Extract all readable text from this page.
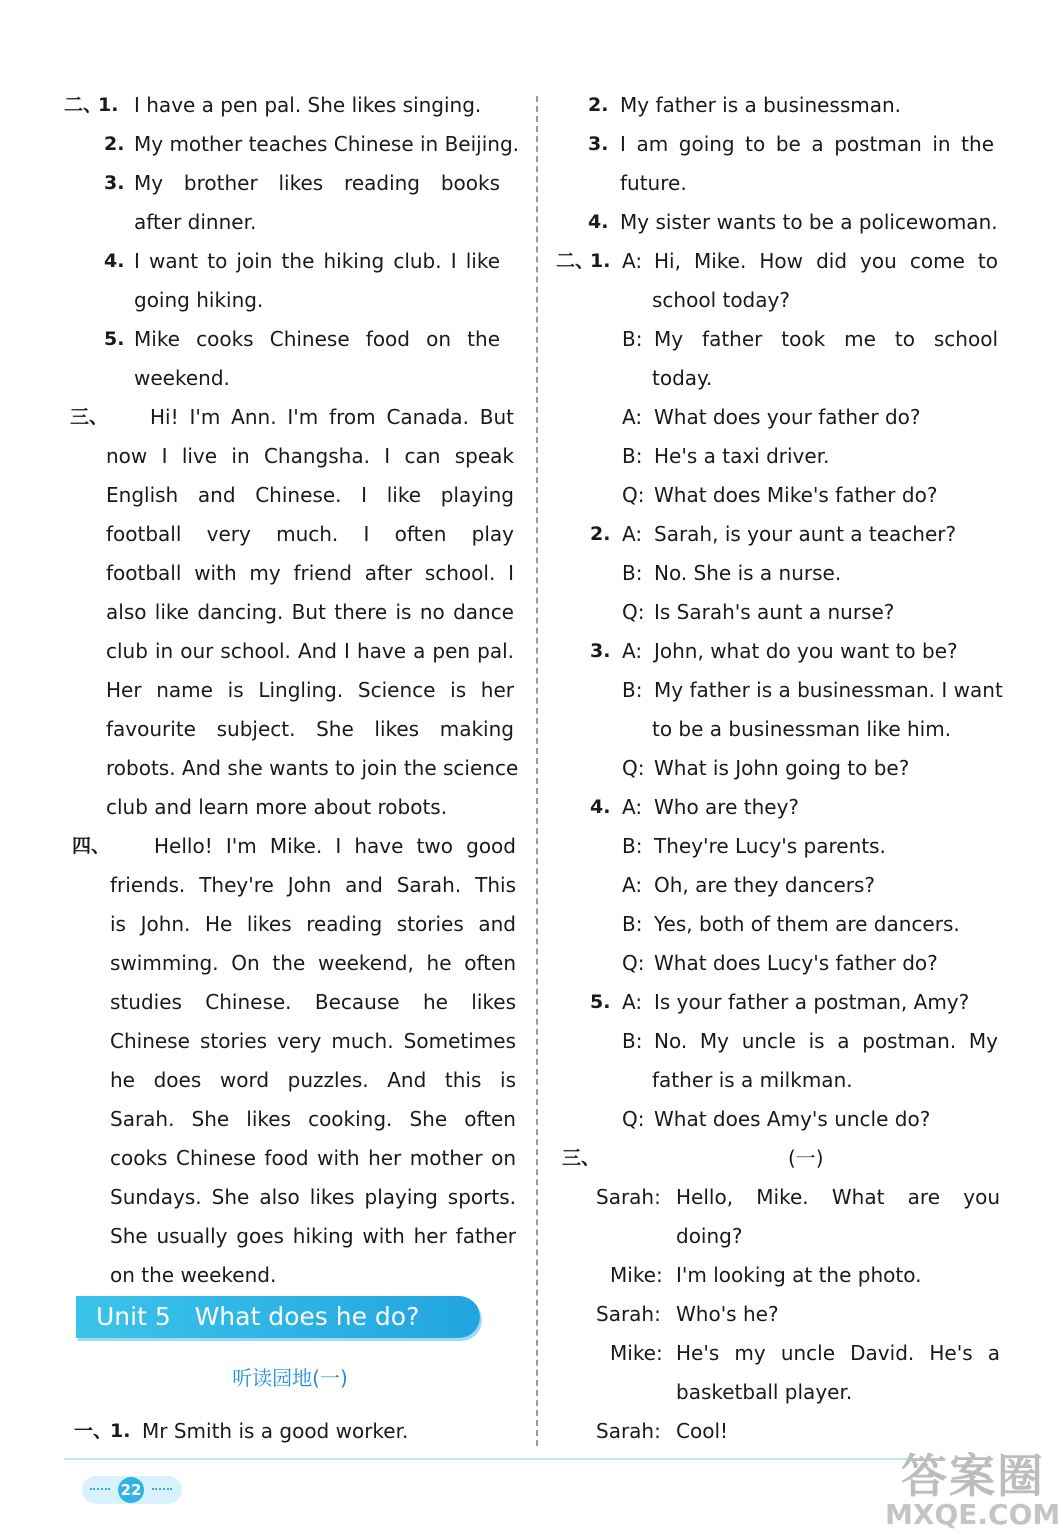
二、
1. I have a pen pal. She likes singing.
2. My mother teaches Chinese in Beijing.
3. My brother likes reading books
after dinner.
4. I want to join the hiking club. I like
going hiking.
5. Mike cooks Chinese food on the
weekend.
三、 Hi! I'm Ann. I'm from Canada. But
now I live in Changsha. I can speak
English and Chinese. I like playing
football very much. I often play
football with my friend after school. I
also like dancing. But there is no dance
club in our school. And I have a pen pal.
Her name is Lingling. Science is her
favourite subject. She likes making
robots. And she wants to join the science
club and learn more about robots.
四、 Hello! I'm Mike. I have two good
friends. They're John and Sarah. This
is John. He likes reading stories and
swimming. On the weekend, he often
studies Chinese. Because he likes
Chinese stories very much. Sometimes
he does word puzzles. And this is
Sarah. She likes cooking. She often
cooks Chinese food with her mother on
Sundays. She also likes playing sports.
She usually goes hiking with her father
on the weekend.
一、
1. Mr Smith is a good worker.
2. My father is a businessman.
3. I am going to be a postman in the
future.
4. My sister wants to be a policewoman.
二、
1. A: Hi, Mike. How did you come to
school today?
B: My father took me to school
today.
A: What does your father do?
B: He's a taxi driver.
Q: What does Mike's father do?
2. A: Sarah, is your aunt a teacher?
B: No. She is a nurse.
Q: Is Sarah's aunt a nurse?
3. A: John, what do you want to be?
B: My father is a businessman. I want
to be a businessman like him.
Q: What is John going to be?
4. A: Who are they?
B: They're Lucy's parents.
A: Oh, are they dancers?
B: Yes, both of them are dancers.
Q: What does Lucy's father do?
5. A: Is your father a postman, Amy?
B: No. My uncle is a postman. My
father is a milkman.
Q: What does Amy's uncle do?
三、	(一)
Sarah: Hello, Mike. What are you
doing?
Mike: I'm looking at the photo.
Sarah: Who's he?
Mike: He's my uncle David. He's a
basketball player.
Sarah: Cool!
Unit 5   What does he do?
听读园地(一)
22	答案圈
MXQE.COM
